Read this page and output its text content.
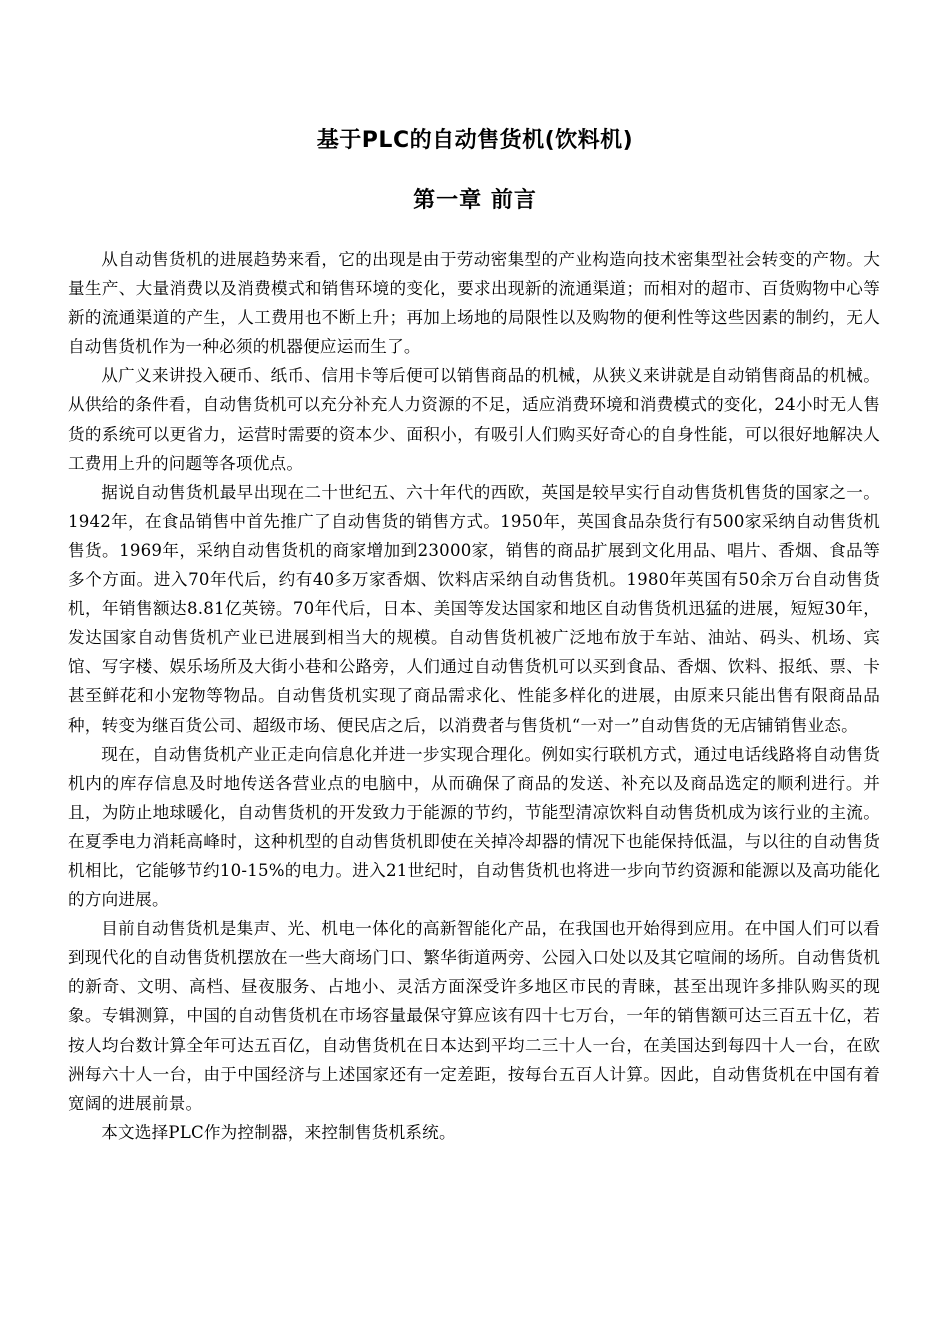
基于PLC的自动售货机(饮料机)
第一章 前言

从自动售货机的进展趋势来看，它的出现是由于劳动密集型的产业构造向技术密集型社会转变的产物。大量生产、大量消费以及消费模式和销售环境的变化，要求出现新的流通渠道；而相对的超市、百货购物中心等新的流通渠道的产生，人工费用也不断上升；再加上场地的局限性以及购物的便利性等这些因素的制约，无人自动售货机作为一种必须的机器便应运而生了。

从广义来讲投入硬币、纸币、信用卡等后便可以销售商品的机械，从狭义来讲就是自动销售商品的机械。从供给的条件看，自动售货机可以充分补充人力资源的不足，适应消费环境和消费模式的变化，24小时无人售货的系统可以更省力，运营时需要的资本少、面积小，有吸引人们购买好奇心的自身性能，可以很好地解决人工费用上升的问题等各项优点。

据说自动售货机最早出现在二十世纪五、六十年代的西欧，英国是较早实行自动售货机售货的国家之一。1942年，在食品销售中首先推广了自动售货的销售方式。1950年，英国食品杂货行有500家采纳自动售货机售货。1969年，采纳自动售货机的商家增加到23000家，销售的商品扩展到文化用品、唱片、香烟、食品等多个方面。进入70年代后，约有40多万家香烟、饮料店采纳自动售货机。1980年英国有50余万台自动售货机，年销售额达8.81亿英镑。70年代后，日本、美国等发达国家和地区自动售货机迅猛的进展，短短30年，发达国家自动售货机产业已进展到相当大的规模。自动售货机被广泛地布放于车站、油站、码头、机场、宾馆、写字楼、娱乐场所及大街小巷和公路旁，人们通过自动售货机可以买到食品、香烟、饮料、报纸、票、卡甚至鲜花和小宠物等物品。自动售货机实现了商品需求化、性能多样化的进展，由原来只能出售有限商品品种，转变为继百货公司、超级市场、便民店之后，以消费者与售货机“一对一”自动售货的无店铺销售业态。

现在，自动售货机产业正走向信息化并进一步实现合理化。例如实行联机方式，通过电话线路将自动售货机内的库存信息及时地传送各营业点的电脑中，从而确保了商品的发送、补充以及商品选定的顺利进行。并且，为防止地球暖化，自动售货机的开发致力于能源的节约，节能型清凉饮料自动售货机成为该行业的主流。在夏季电力消耗高峰时，这种机型的自动售货机即使在关掉冷却器的情况下也能保持低温，与以往的自动售货机相比，它能够节约10-15%的电力。进入21世纪时，自动售货机也将进一步向节约资源和能源以及高功能化的方向进展。

目前自动售货机是集声、光、机电一体化的高新智能化产品，在我国也开始得到应用。在中国人们可以看到现代化的自动售货机摆放在一些大商场门口、繁华街道两旁、公园入口处以及其它喧闹的场所。自动售货机的新奇、文明、高档、昼夜服务、占地小、灵活方面深受许多地区市民的青睐，甚至出现许多排队购买的现象。专辑测算，中国的自动售货机在市场容量最保守算应该有四十七万台，一年的销售额可达三百五十亿，若按人均台数计算全年可达五百亿，自动售货机在日本达到平均二三十人一台，在美国达到每四十人一台，在欧洲每六十人一台，由于中国经济与上述国家还有一定差距，按每台五百人计算。因此，自动售货机在中国有着宽阔的进展前景。

本文选择PLC作为控制器，来控制售货机系统。
